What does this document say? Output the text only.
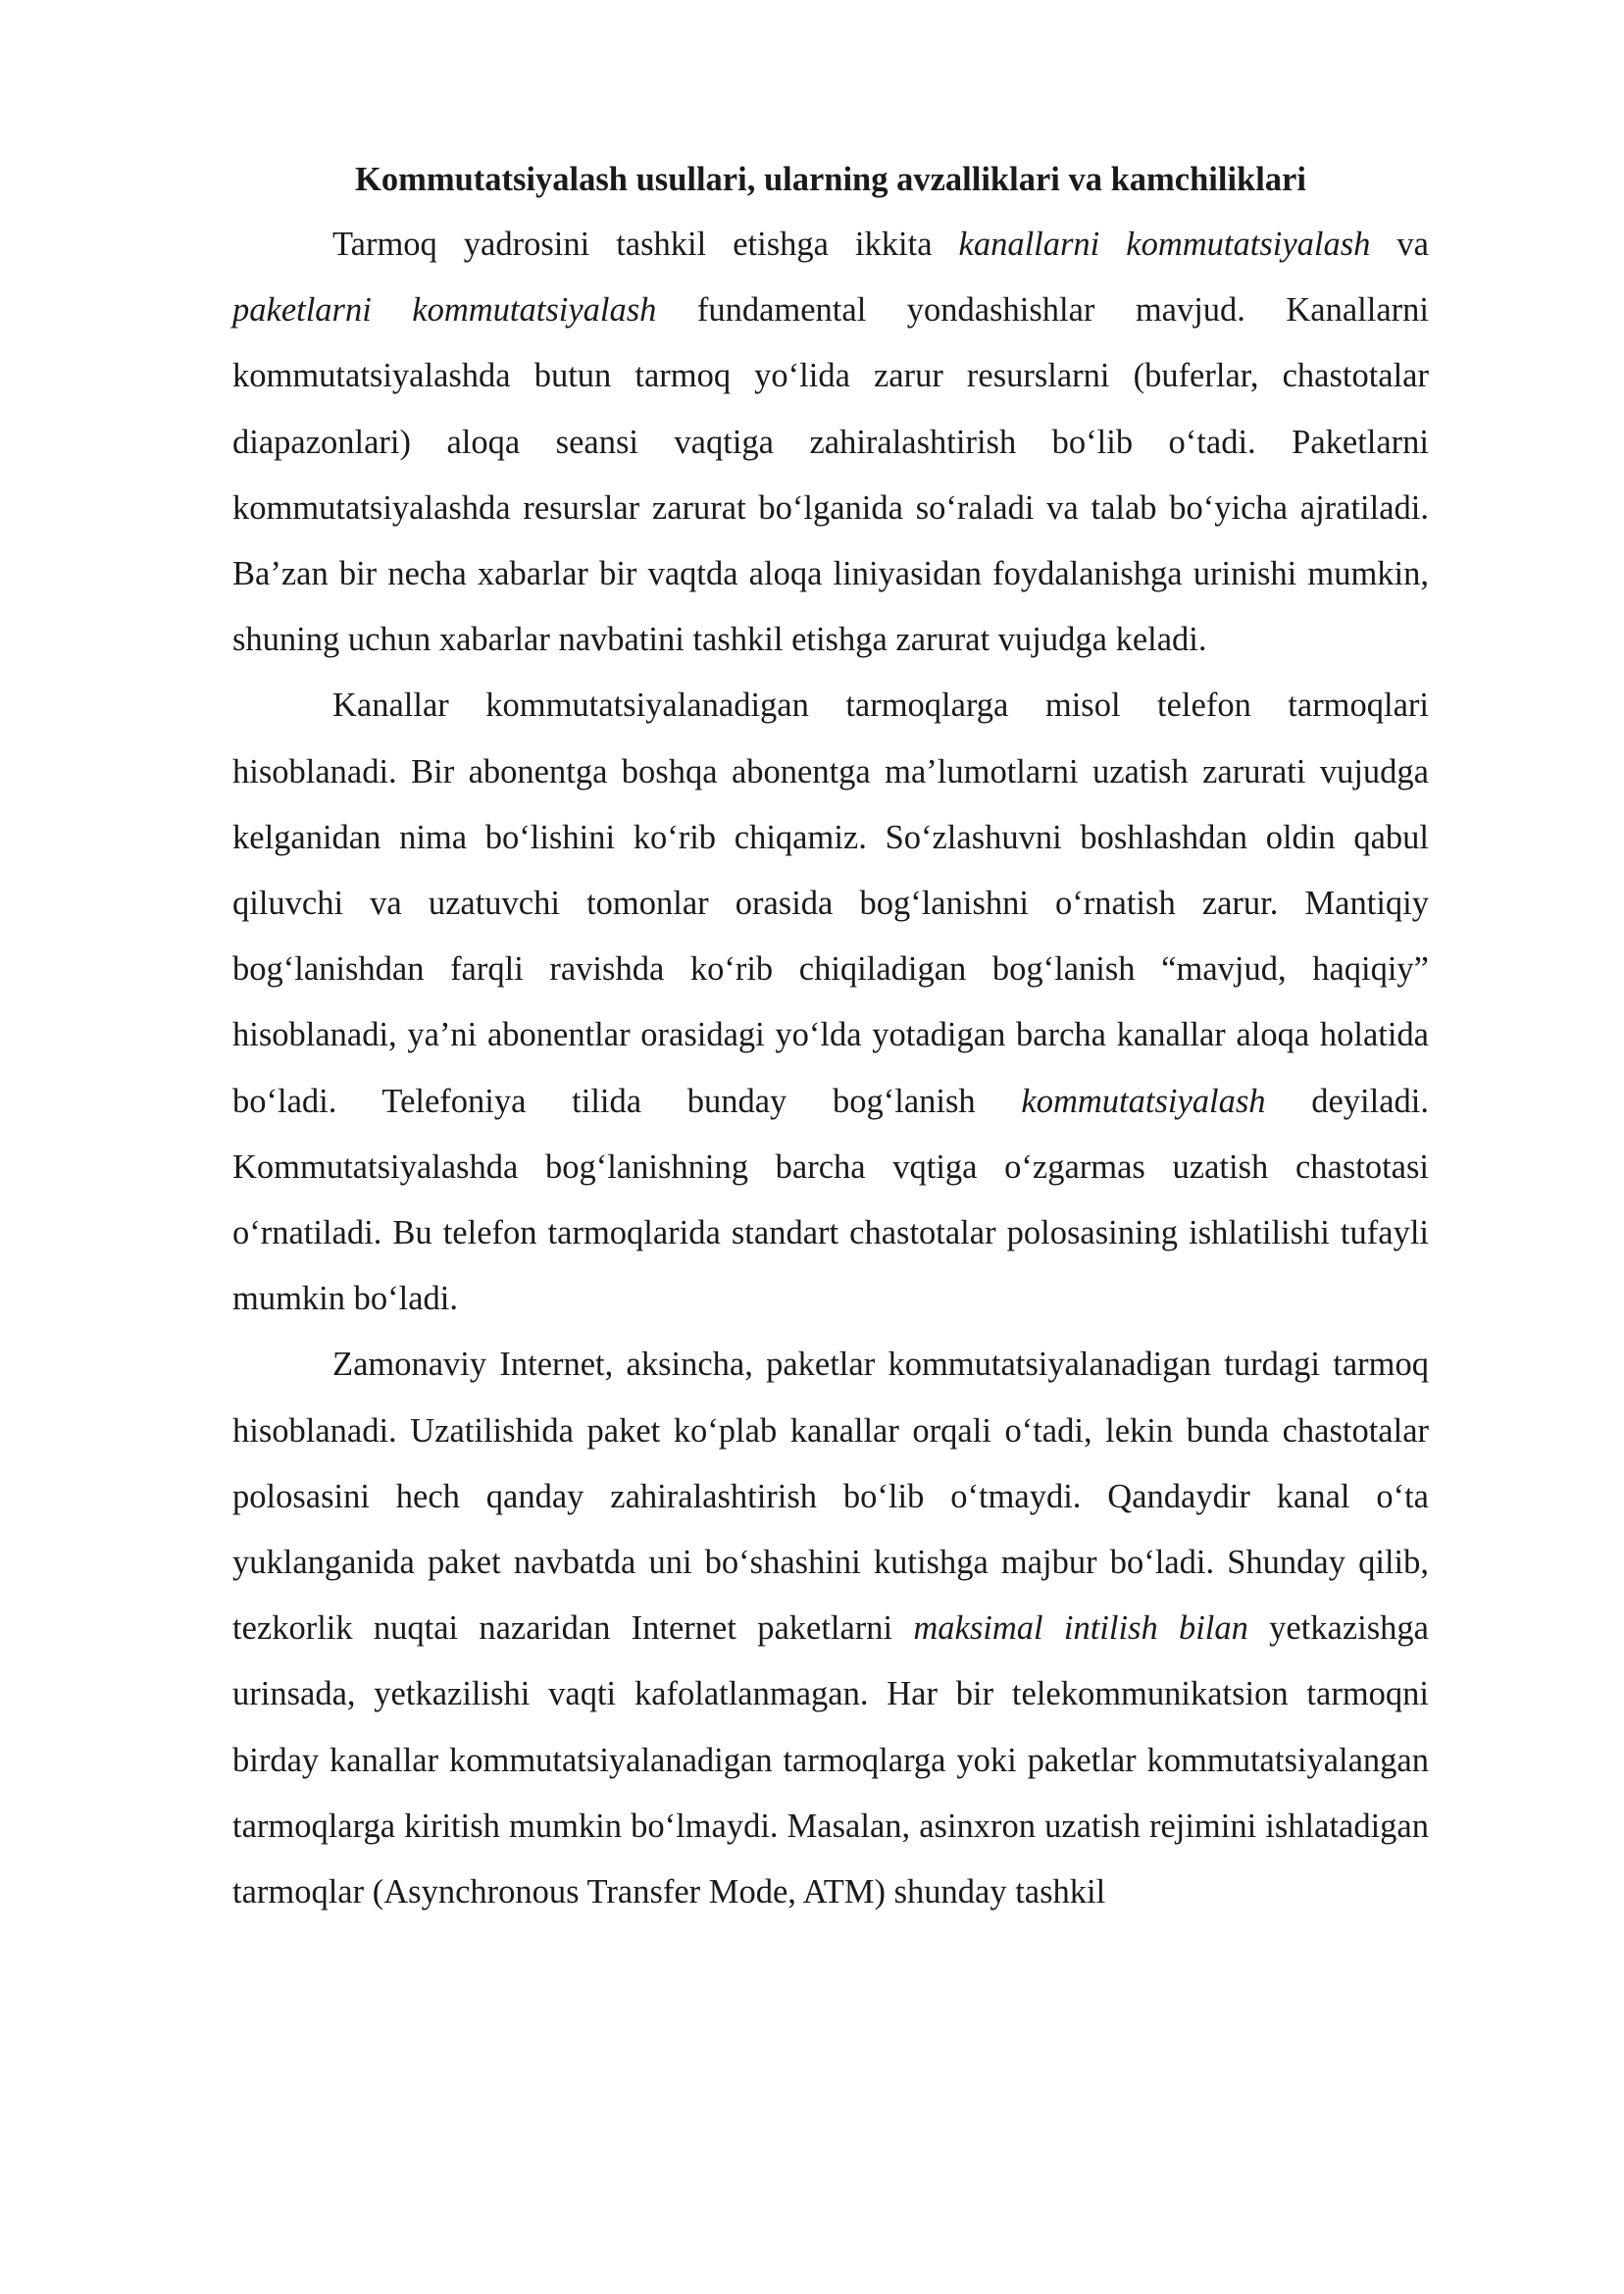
Kommutatsiyalash usullari, ularning avzalliklari va kamchiliklari

Tarmoq yadrosini tashkil etishga ikkita kanallarni kommutatsiyalash va paketlarni kommutatsiyalash fundamental yondashishlar mavjud. Kanallarni kommutatsiyalashda butun tarmoq yo‘lida zarur resurslarni (buferlar, chastotalar diapazonlari) aloqa seansi vaqtiga zahiralashtirish bo‘lib o‘tadi. Paketlarni kommutatsiyalashda resurslar zarurat bo‘lganida so‘raladi va talab bo‘yicha ajratiladi. Ba’zan bir necha xabarlar bir vaqtda aloqa liniyasidan foydalanishga urinishi mumkin, shuning uchun xabarlar navbatini tashkil etishga zarurat vujudga keladi.

Kanallar kommutatsiyalanadigan tarmoqlarga misol telefon tarmoqlari hisoblanadi. Bir abonentga boshqa abonentga ma’lumotlarni uzatish zarurati vujudga kelganidan nima bo‘lishini ko‘rib chiqamiz. So‘zlashuvni boshlashdan oldin qabul qiluvchi va uzatuvchi tomonlar orasida bog‘lanishni o‘rnatish zarur. Mantiqiy bog‘lanishdan farqli ravishda ko‘rib chiqiladigan bog‘lanish “mavjud, haqiqiy” hisoblanadi, ya’ni abonentlar orasidagi yo‘lda yotadigan barcha kanallar aloqa holatida bo‘ladi. Telefoniya tilida bunday bog‘lanish kommutatsiyalash deyiladi. Kommutatsiyalashda bog‘lanishning barcha vqtiga o‘zgarmas uzatish chastotasi o‘rnatiladi. Bu telefon tarmoqlarida standart chastotalar polosasining ishlatilishi tufayli mumkin bo‘ladi.

Zamonaviy Internet, aksincha, paketlar kommutatsiyalanadigan turdagi tarmoq hisoblanadi. Uzatilishida paket ko‘plab kanallar orqali o‘tadi, lekin bunda chastotalar polosasini hech qanday zahiralashtirish bo‘lib o‘tmaydi. Qandaydir kanal o‘ta yuklanganida paket navbatda uni bo‘shashini kutishga majbur bo‘ladi. Shunday qilib, tezkorlik nuqtai nazaridan Internet paketlarni maksimal intilish bilan yetkazishga urinsada, yetkazilishi vaqti kafolatlanmagan. Har bir telekommunikatsion tarmoqni birday kanallar kommutatsiyalanadigan tarmoqlarga yoki paketlar kommutatsiyalangan tarmoqlarga kiritish mumkin bo‘lmaydi. Masalan, asinxron uzatish rejimini ishlatadigan tarmoqlar (Asynchronous Transfer Mode, ATM) shunday tashkil
